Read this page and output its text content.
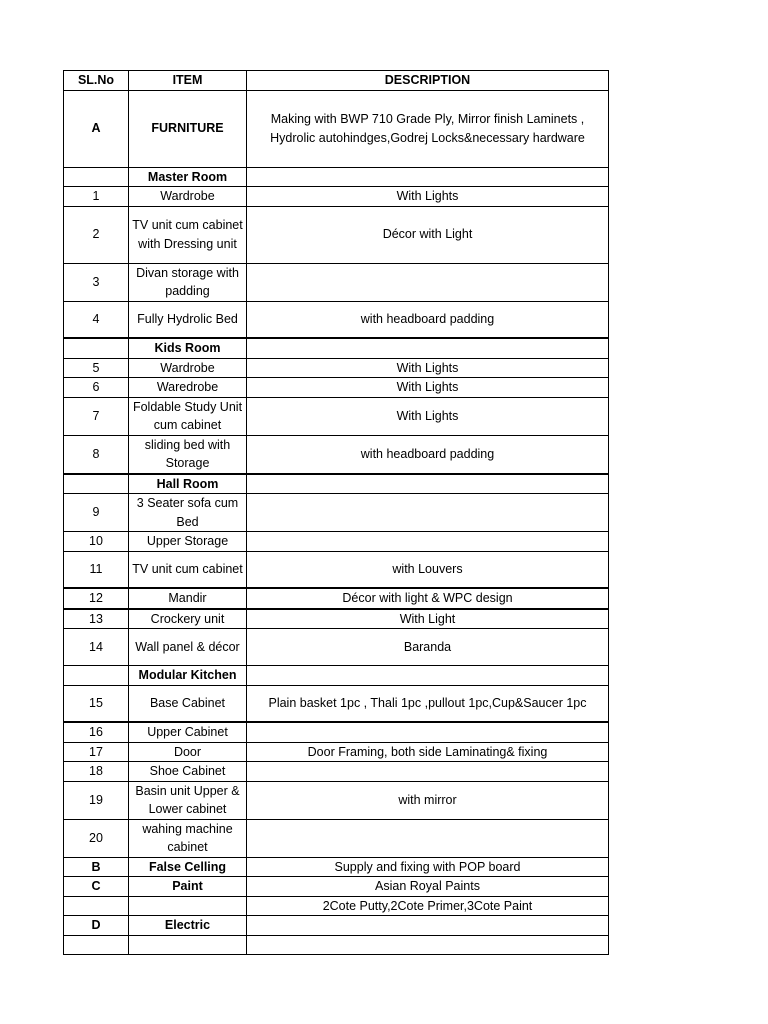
SL.No	ITEM	DESCRIPTION
A	FURNITURE	Making with BWP 710 Grade Ply, Mirror finish Laminets , Hydrolic autohindges,Godrej Locks&necessary hardware
	Master Room	
1	Wardrobe	With Lights
2	TV unit cum cabinet with Dressing unit	Décor with Light
3	Divan storage with padding	
4	Fully Hydrolic Bed	with headboard padding
	Kids Room	
5	Wardrobe	With Lights
6	Waredrobe	With Lights
7	Foldable Study Unit cum cabinet	With Lights
8	sliding bed with Storage	with headboard padding
	Hall Room	
9	3 Seater sofa cum Bed	
10	Upper Storage	
11	TV unit cum cabinet	with Louvers
12	Mandir	Décor with light & WPC design
13	Crockery unit	With Light
14	Wall panel & décor	Baranda
	Modular Kitchen	
15	Base Cabinet	Plain basket 1pc , Thali 1pc ,pullout 1pc,Cup&Saucer 1pc
16	Upper Cabinet	
17	Door	Door Framing, both side Laminating& fixing
18	Shoe Cabinet	
19	Basin unit Upper & Lower cabinet	with mirror
20	wahing machine cabinet	
B	False Celling	Supply and fixing with POP board
C	Paint	Asian Royal Paints
		2Cote Putty,2Cote Primer,3Cote Paint
D	Electric	
